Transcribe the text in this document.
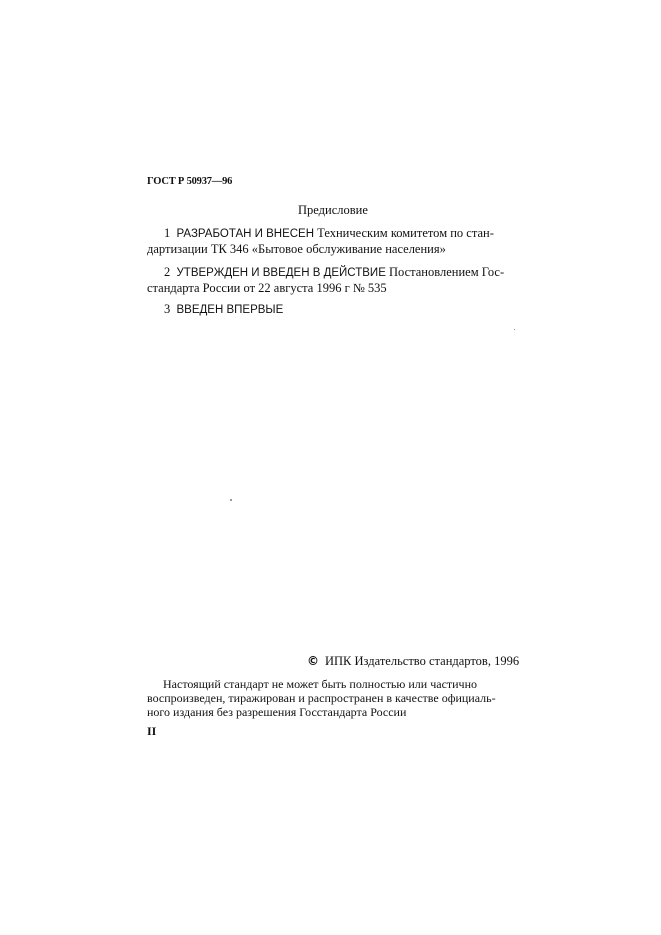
ГОСТ Р 50937—96
Предисловие
1 РАЗРАБОТАН И ВНЕСЕН Техническим комитетом по стан-
дартизации ТК 346 «Бытовое обслуживание населения»
2 УТВЕРЖДЕН И ВВЕДЕН В ДЕЙСТВИЕ Постановлением Гос-
стандарта России от 22 августа 1996 г № 535
3 ВВЕДЕН ВПЕРВЫЕ
© ИПК Издательство стандартов, 1996
Настоящий стандарт не может быть полностью или частично
воспроизведен, тиражирован и распространен в качестве официаль-
ного издания без разрешения Госстандарта России
II
